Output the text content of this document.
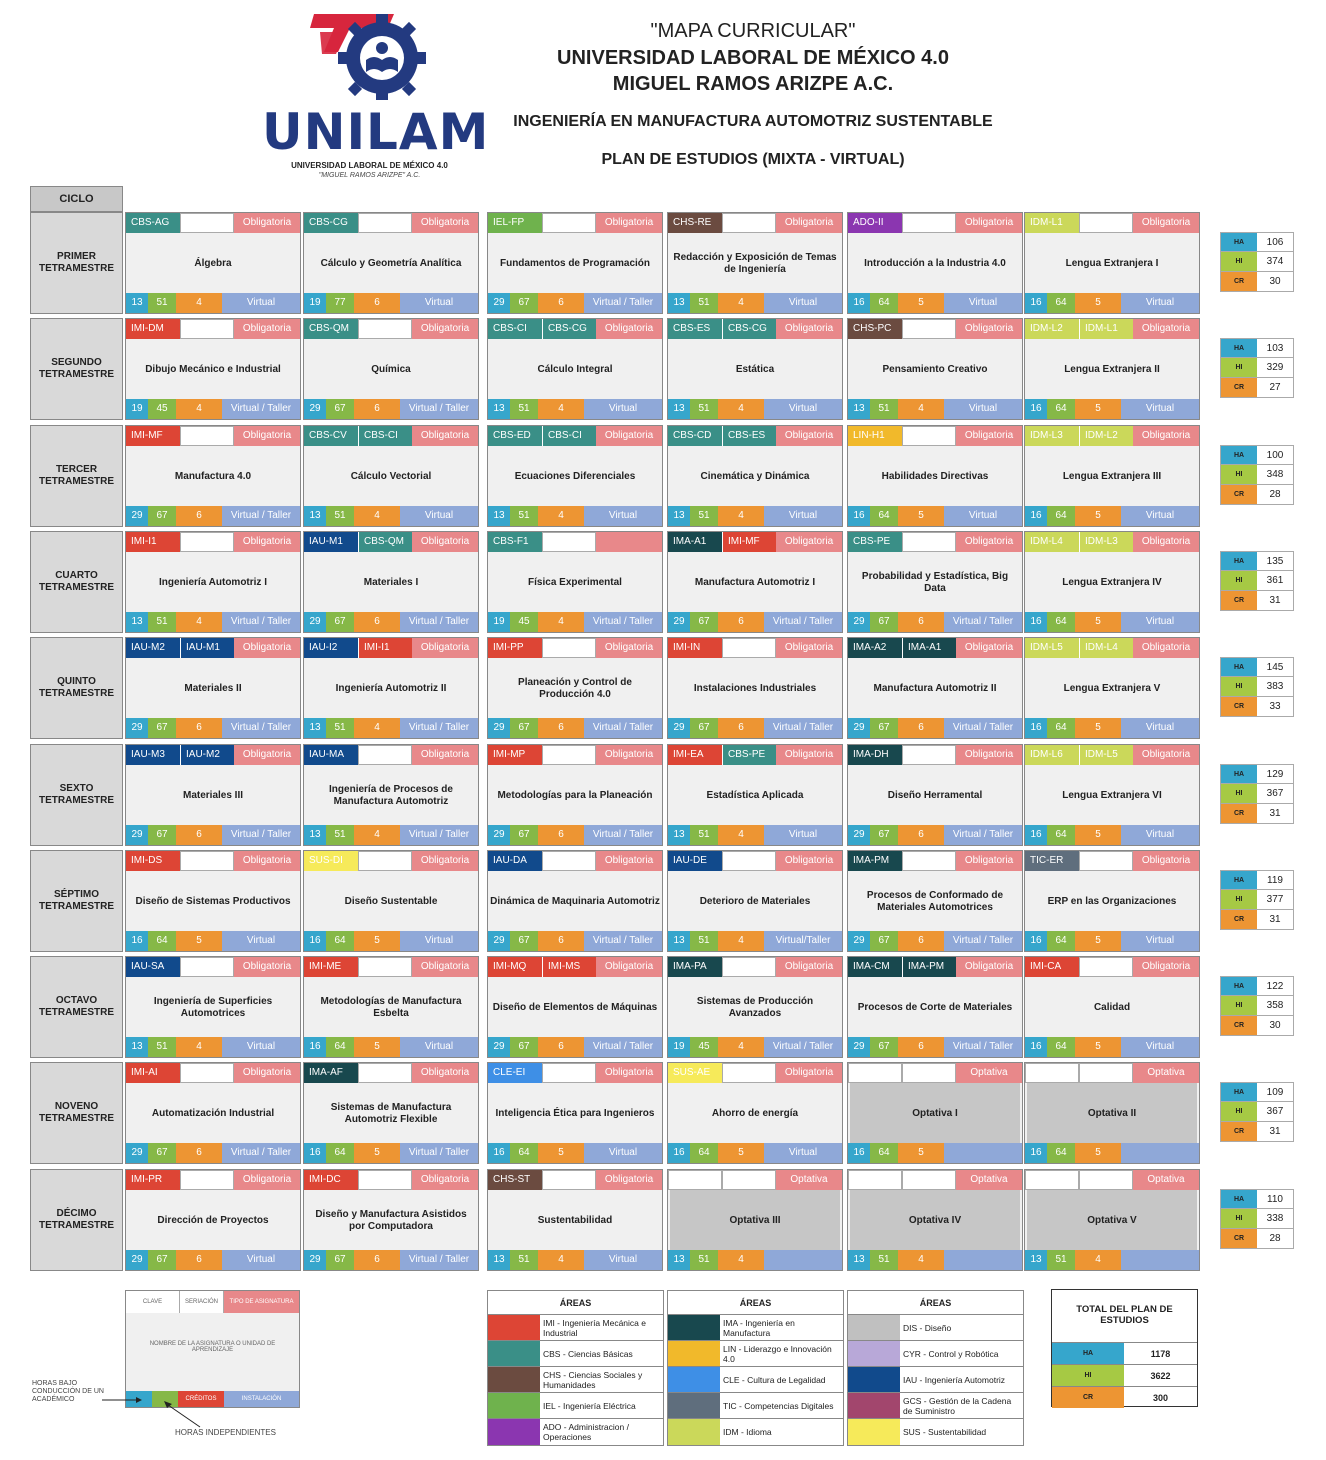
UNILAM
UNIVERSIDAD LABORAL DE MÉXICO 4.0
"MIGUEL RAMOS ARIZPE" A.C.
"MAPA CURRICULAR"
UNIVERSIDAD LABORAL DE MÉXICO 4.0
MIGUEL RAMOS ARIZPE A.C.
INGENIERÍA EN MANUFACTURA AUTOMOTRIZ SUSTENTABLE
PLAN DE ESTUDIOS (MIXTA - VIRTUAL)
CICLO
PRIMER
TETRAMESTRE
CBS-AG	Obligatoria
Álgebra
13	51	4	Virtual
CBS-CG	Obligatoria
Cálculo y Geometría Analítica
19	77	6	Virtual
IEL-FP	Obligatoria
Fundamentos de Programación
29	67	6	Virtual / Taller
CHS-RE	Obligatoria
Redacción y Exposición de Temas de Ingeniería
13	51	4	Virtual
ADO-II	Obligatoria
Introducción a la Industria 4.0
16	64	5	Virtual
IDM-L1	Obligatoria
Lengua Extranjera I
16	64	5	Virtual
SEGUNDO
TETRAMESTRE
IMI-DM	Obligatoria
Dibujo Mecánico e Industrial
19	45	4	Virtual / Taller
CBS-QM	Obligatoria
Química
29	67	6	Virtual / Taller
CBS-CI	CBS-CG	Obligatoria
Cálculo Integral
13	51	4	Virtual
CBS-ES	CBS-CG	Obligatoria
Estática
13	51	4	Virtual
CHS-PC	Obligatoria
Pensamiento Creativo
13	51	4	Virtual
IDM-L2	IDM-L1	Obligatoria
Lengua Extranjera II
16	64	5	Virtual
TERCER
TETRAMESTRE
IMI-MF	Obligatoria
Manufactura 4.0
29	67	6	Virtual / Taller
CBS-CV	CBS-CI	Obligatoria
Cálculo Vectorial
13	51	4	Virtual
CBS-ED	CBS-CI	Obligatoria
Ecuaciones Diferenciales
13	51	4	Virtual
CBS-CD	CBS-ES	Obligatoria
Cinemática y Dinámica
13	51	4	Virtual
LIN-H1	Obligatoria
Habilidades Directivas
16	64	5	Virtual
IDM-L3	IDM-L2	Obligatoria
Lengua Extranjera III
16	64	5	Virtual
CUARTO
TETRAMESTRE
IMI-I1	Obligatoria
Ingeniería Automotriz I
13	51	4	Virtual / Taller
IAU-M1	CBS-QM	Obligatoria
Materiales I
29	67	6	Virtual / Taller
CBS-F1
Física Experimental
19	45	4	Virtual / Taller
IMA-A1	IMI-MF	Obligatoria
Manufactura Automotriz I
29	67	6	Virtual / Taller
CBS-PE	Obligatoria
Probabilidad y Estadística, Big Data
29	67	6	Virtual / Taller
IDM-L4	IDM-L3	Obligatoria
Lengua Extranjera IV
16	64	5	Virtual
QUINTO
TETRAMESTRE
IAU-M2	IAU-M1	Obligatoria
Materiales II
29	67	6	Virtual / Taller
IAU-I2	IMI-I1	Obligatoria
Ingeniería Automotriz II
13	51	4	Virtual / Taller
IMI-PP	Obligatoria
Planeación y Control de Producción 4.0
29	67	6	Virtual / Taller
IMI-IN	Obligatoria
Instalaciones Industriales
29	67	6	Virtual / Taller
IMA-A2	IMA-A1	Obligatoria
Manufactura Automotriz II
29	67	6	Virtual / Taller
IDM-L5	IDM-L4	Obligatoria
Lengua Extranjera V
16	64	5	Virtual
SEXTO
TETRAMESTRE
IAU-M3	IAU-M2	Obligatoria
Materiales III
29	67	6	Virtual / Taller
IAU-MA	Obligatoria
Ingeniería de Procesos de Manufactura Automotriz
13	51	4	Virtual / Taller
IMI-MP	Obligatoria
Metodologías para la Planeación
29	67	6	Virtual / Taller
IMI-EA	CBS-PE	Obligatoria
Estadística Aplicada
13	51	4	Virtual
IMA-DH	Obligatoria
Diseño Herramental
29	67	6	Virtual / Taller
IDM-L6	IDM-L5	Obligatoria
Lengua Extranjera VI
16	64	5	Virtual
SÉPTIMO
TETRAMESTRE
IMI-DS	Obligatoria
Diseño de Sistemas Productivos
16	64	5	Virtual
SUS-DI	Obligatoria
Diseño Sustentable
16	64	5	Virtual
IAU-DA	Obligatoria
Dinámica de Maquinaria Automotriz
29	67	6	Virtual / Taller
IAU-DE	Obligatoria
Deterioro de Materiales
13	51	4	Virtual/Taller
IMA-PM	Obligatoria
Procesos de Conformado de Materiales Automotrices
29	67	6	Virtual / Taller
TIC-ER	Obligatoria
ERP en las Organizaciones
16	64	5	Virtual
OCTAVO
TETRAMESTRE
IAU-SA	Obligatoria
Ingeniería de Superficies Automotrices
13	51	4	Virtual
IMI-ME	Obligatoria
Metodologías de Manufactura Esbelta
16	64	5	Virtual
IMI-MQ	IMI-MS	Obligatoria
Diseño de Elementos de Máquinas
29	67	6	Virtual / Taller
IMA-PA	Obligatoria
Sistemas de Producción Avanzados
19	45	4	Virtual / Taller
IMA-CM	IMA-PM	Obligatoria
Procesos de Corte de Materiales
29	67	6	Virtual / Taller
IMI-CA	Obligatoria
Calidad
16	64	5	Virtual
NOVENO
TETRAMESTRE
IMI-AI	Obligatoria
Automatización Industrial
29	67	6	Virtual / Taller
IMA-AF	Obligatoria
Sistemas de Manufactura Automotriz Flexible
16	64	5	Virtual / Taller
CLE-EI	Obligatoria
Inteligencia Ética para Ingenieros
16	64	5	Virtual
SUS-AE	Obligatoria
Ahorro de energía
16	64	5	Virtual
Optativa
Optativa I
16	64	5
Optativa
Optativa II
16	64	5
DÉCIMO
TETRAMESTRE
IMI-PR	Obligatoria
Dirección de Proyectos
29	67	6	Virtual
IMI-DC	Obligatoria
Diseño y Manufactura Asistidos por Computadora
29	67	6	Virtual / Taller
CHS-ST	Obligatoria
Sustentabilidad
13	51	4	Virtual
Optativa
Optativa III
13	51	4
Optativa
Optativa IV
13	51	4
Optativa
Optativa V
13	51	4
HA	106
HI	374
CR	30
HA	103
HI	329
CR	27
HA	100
HI	348
CR	28
HA	135
HI	361
CR	31
HA	145
HI	383
CR	33
HA	129
HI	367
CR	31
HA	119
HI	377
CR	31
HA	122
HI	358
CR	30
HA	109
HI	367
CR	31
HA	110
HI	338
CR	28
CLAVE	SERIACIÓN	TIPO DE ASIGNATURA
NOMBRE DE LA ASIGNATURA O UNIDAD DE APRENDIZAJE
CRÉDITOS	INSTALACIÓN
HORAS BAJO CONDUCCIÓN DE UN ACADÉMICO
HORAS INDEPENDIENTES
ÁREAS
IMI - Ingeniería Mecánica e Industrial
CBS - Ciencias Básicas
CHS - Ciencias Sociales y Humanidades
IEL - Ingeniería Eléctrica
ADO - Administracion / Operaciones
ÁREAS
IMA - Ingeniería en Manufactura
LIN - Liderazgo e Innovación 4.0
CLE - Cultura de Legalidad
TIC - Competencias Digitales
IDM - Idioma
ÁREAS
DIS - Diseño
CYR - Control y Robótica
IAU - Ingeniería Automotriz
GCS - Gestión de la Cadena de Suministro
SUS - Sustentabilidad
TOTAL DEL PLAN DE ESTUDIOS
HA	1178
HI	3622
CR	300
